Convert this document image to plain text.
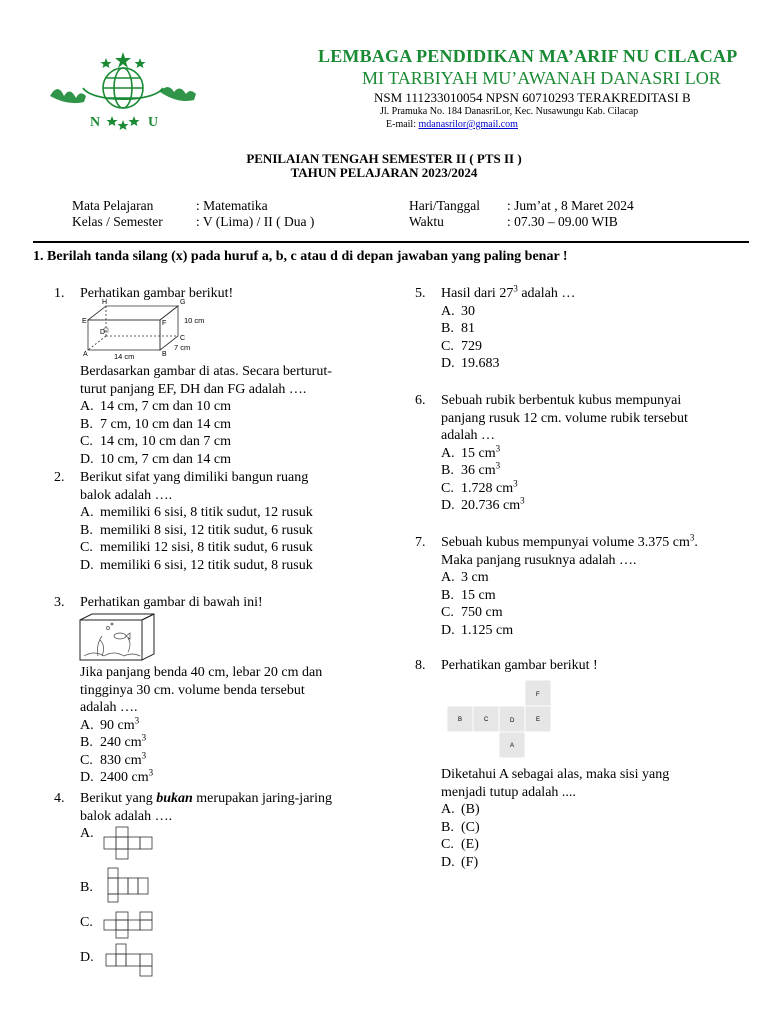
N	U
LEMBAGA PENDIDIKAN MA’ARIF NU CILACAP
MI TARBIYAH MU’AWANAH DANASRI LOR
NSM 111233010054 NPSN 60710293 TERAKREDITASI B
Jl. Pramuka No. 184 DanasriLor, Kec. Nusawungu Kab. Cilacap
E-mail: mdanasrilor@gmail.com
PENILAIAN TENGAH SEMESTER II ( PTS II )
TAHUN PELAJARAN 2023/2024
Mata Pelajaran	: Matematika
Kelas / Semester : V (Lima) / II ( Dua )
Hari/Tanggal : Jum’at , 8 Maret 2024
Waktu	: 07.30 – 09.00 WIB
1. Berilah tanda silang (x) pada huruf a, b, c atau d di depan jawaban yang paling benar !
1. Perhatikan gambar berikut!
H	G
E	F
D
C
A	B
10 cm
14 cm
7 cm
Berdasarkan gambar di atas. Secara berturut-
turut panjang EF, DH dan FG adalah ….
A. 14 cm, 7 cm dan 10 cm
B. 7 cm, 10 cm dan 14 cm
C. 14 cm, 10 cm dan 7 cm
D. 10 cm, 7 cm dan 14 cm
2. Berikut sifat yang dimiliki bangun ruang
balok adalah ….
A. memiliki 6 sisi, 8 titik sudut, 12 rusuk
B. memiliki 8 sisi, 12 titik sudut, 6 rusuk
C. memiliki 12 sisi, 8 titik sudut, 6 rusuk
D. memiliki 6 sisi, 12 titik sudut, 8 rusuk
3. Perhatikan gambar di bawah ini!
Jika panjang benda 40 cm, lebar 20 cm dan
tingginya 30 cm. volume benda tersebut
adalah ….
A. 90 $cm^3$
B. 240 $cm^3$
C. 830 $cm^3$
D. 2400 $cm^3$
4. Berikut yang bukan merupakan jaring-jaring
balok adalah ….
A.
B.
C.
D.
5. Hasil dari $27^3$ adalah …
A. 30
B. 81
C. 729
D. 19.683
6. Sebuah rubik berbentuk kubus mempunyai
panjang rusuk 12 cm. volume rubik tersebut
adalah …
A. 15 $cm^3$
B. 36 $cm^3$
C. 1.728 $cm^3$
D. 20.736 $cm^3$
7. Sebuah kubus mempunyai volume 3.375 $cm^3$.
Maka panjang rusuknya adalah ….
A. 3 cm
B. 15 cm
C. 750 cm
D. 1.125 cm
8. Perhatikan gambar berikut !
F
B	C	D	E
A
Diketahui A sebagai alas, maka sisi yang
menjadi tutup adalah ....
A. (B)
B. (C)
C. (E)
D. (F)
